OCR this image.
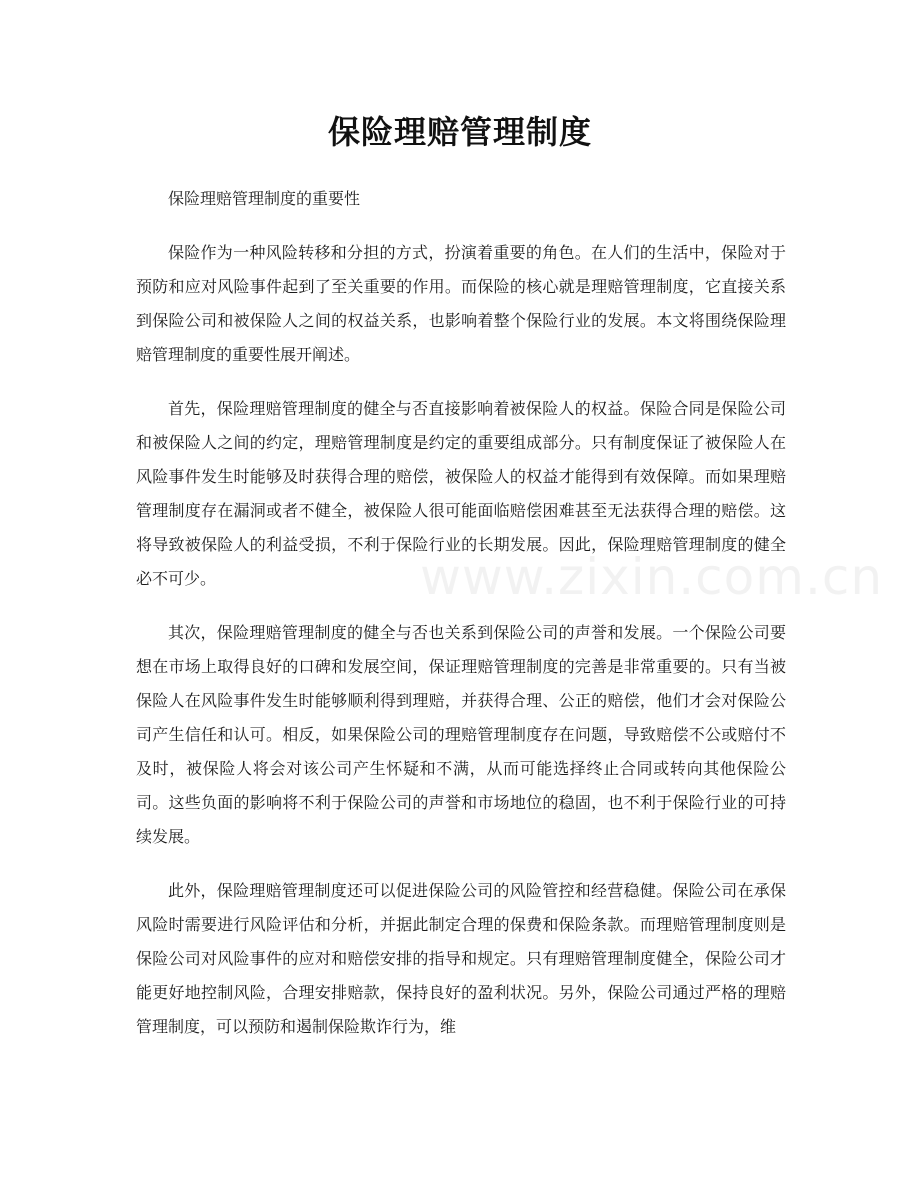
保险理赔管理制度

保险理赔管理制度的重要性

保险作为一种风险转移和分担的方式，扮演着重要的角色。在人们的生活中，保险对于预防和应对风险事件起到了至关重要的作用。而保险的核心就是理赔管理制度，它直接关系到保险公司和被保险人之间的权益关系，也影响着整个保险行业的发展。本文将围绕保险理赔管理制度的重要性展开阐述。

首先，保险理赔管理制度的健全与否直接影响着被保险人的权益。保险合同是保险公司和被保险人之间的约定，理赔管理制度是约定的重要组成部分。只有制度保证了被保险人在风险事件发生时能够及时获得合理的赔偿，被保险人的权益才能得到有效保障。而如果理赔管理制度存在漏洞或者不健全，被保险人很可能面临赔偿困难甚至无法获得合理的赔偿。这将导致被保险人的利益受损，不利于保险行业的长期发展。因此，保险理赔管理制度的健全必不可少。

其次，保险理赔管理制度的健全与否也关系到保险公司的声誉和发展。一个保险公司要想在市场上取得良好的口碑和发展空间，保证理赔管理制度的完善是非常重要的。只有当被保险人在风险事件发生时能够顺利得到理赔，并获得合理、公正的赔偿，他们才会对保险公司产生信任和认可。相反，如果保险公司的理赔管理制度存在问题，导致赔偿不公或赔付不及时，被保险人将会对该公司产生怀疑和不满，从而可能选择终止合同或转向其他保险公司。这些负面的影响将不利于保险公司的声誉和市场地位的稳固，也不利于保险行业的可持续发展。

此外，保险理赔管理制度还可以促进保险公司的风险管控和经营稳健。保险公司在承保风险时需要进行风险评估和分析，并据此制定合理的保费和保险条款。而理赔管理制度则是保险公司对风险事件的应对和赔偿安排的指导和规定。只有理赔管理制度健全，保险公司才能更好地控制风险，合理安排赔款，保持良好的盈利状况。另外，保险公司通过严格的理赔管理制度，可以预防和遏制保险欺诈行为，维

www.zixin.com.cn
